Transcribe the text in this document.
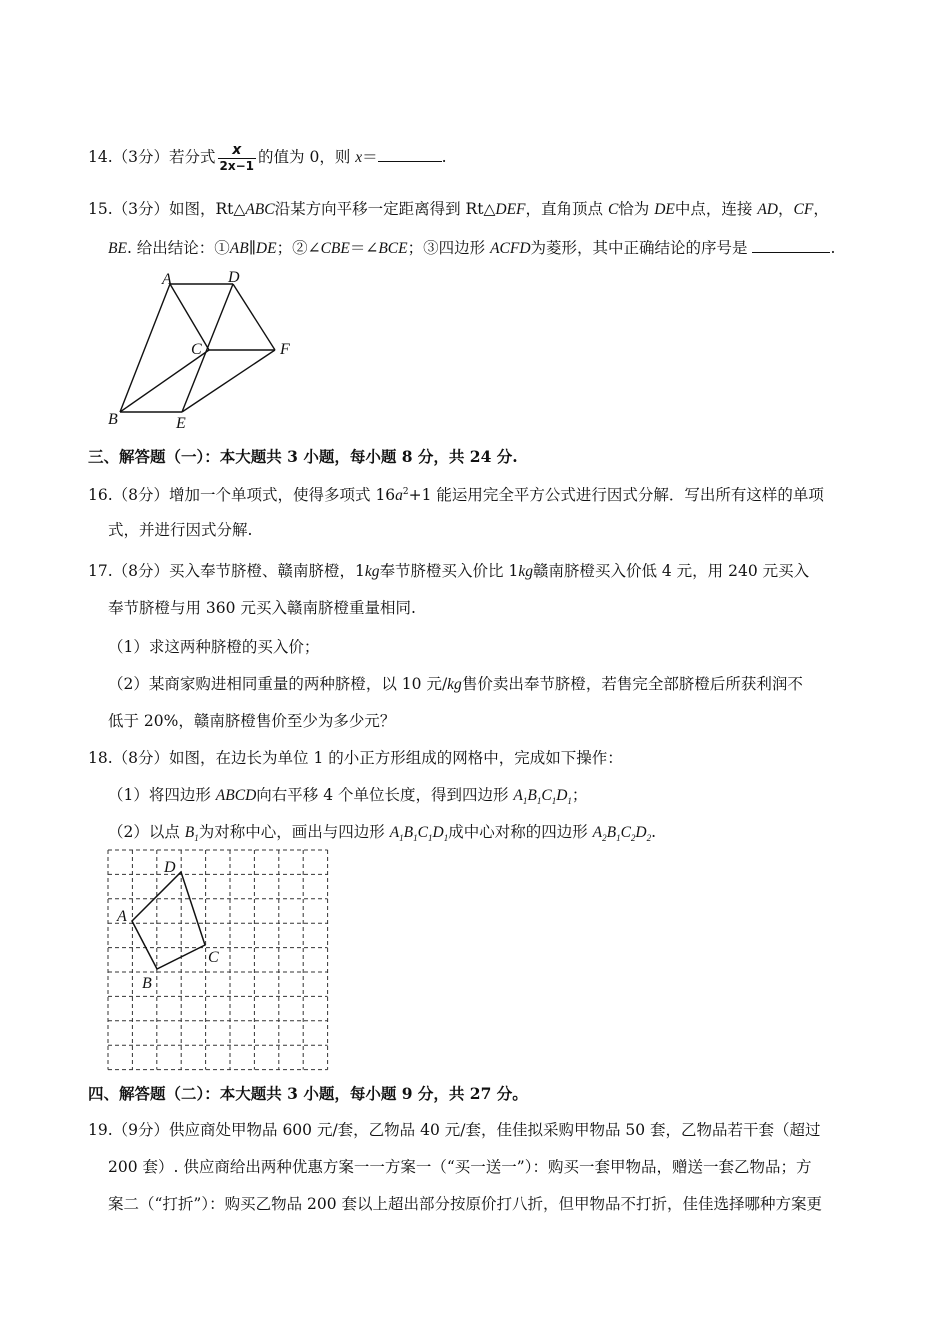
14.（3分）若分式 $\frac{x}{2x-1}$ 的值为 0，则 x＝	.
15.（3分）如图，Rt△ABC沿某方向平移一定距离得到 Rt△DEF，直角顶点 C恰为 DE中点，连接 AD，CF，
BE. 给出结论：①AB∥DE；②∠CBE＝∠BCE；③四边形 ACFD为菱形，其中正确结论的序号是	.
A	D
C	F
B	E
三、解答题（一）：本大题共 3 小题，每小题 8 分，共 24 分.
16.（8分）增加一个单项式，使得多项式 $16a^2+1$ 能运用完全平方公式进行因式分解．写出所有这样的单项
式，并进行因式分解.
17.（8分）买入奉节脐橙、赣南脐橙，1kg奉节脐橙买入价比 1kg赣南脐橙买入价低 4 元，用 240 元买入
奉节脐橙与用 360 元买入赣南脐橙重量相同.
（1）求这两种脐橙的买入价；
（2）某商家购进相同重量的两种脐橙，以 10 元/kg售价卖出奉节脐橙，若售完全部脐橙后所获利润不
低于 20%，赣南脐橙售价至少为多少元？
18.（8分）如图，在边长为单位 1 的小正方形组成的网格中，完成如下操作：
（1）将四边形 ABCD向右平移 4 个单位长度，得到四边形 $A_1B_1C_1D_1$；
（2）以点 $B_1$为对称中心，画出与四边形 $A_1B_1C_1D_1$成中心对称的四边形 $A_2B_1C_2D_2$.
D
A
C
B
四、解答题（二）：本大题共 3 小题，每小题 9 分，共 27 分。
19.（9分）供应商处甲物品 600 元/套，乙物品 40 元/套，佳佳拟采购甲物品 50 套，乙物品若干套（超过
200 套）. 供应商给出两种优惠方案一一方案一（“买一送一”）：购买一套甲物品，赠送一套乙物品；方
案二（“打折”）：购买乙物品 200 套以上超出部分按原价打八折，但甲物品不打折，佳佳选择哪种方案更
